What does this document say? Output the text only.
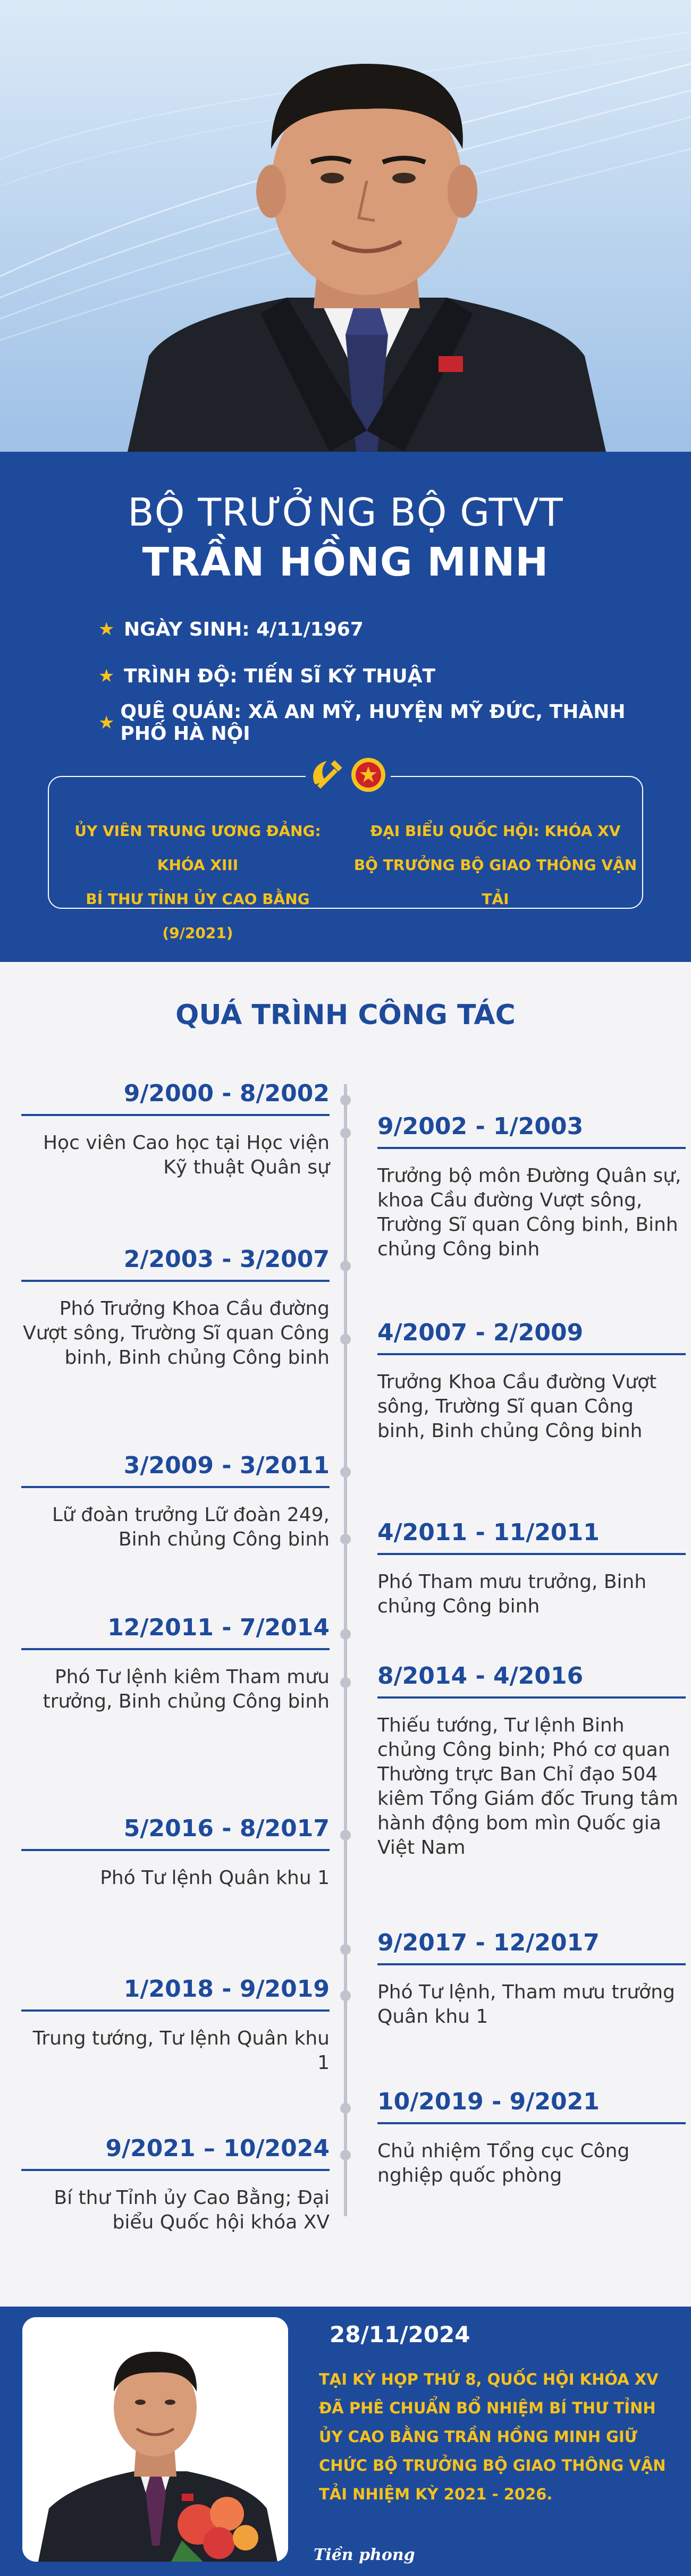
BỘ TRƯỞNG BỘ GTVT
TRẦN HỒNG MINH
★ NGÀY SINH: 4/11/1967
★ TRÌNH ĐỘ: TIẾN SĨ KỸ THUẬT
★ QUÊ QUÁN: XÃ AN MỸ, HUYỆN MỸ ĐỨC, THÀNH PHỐ HÀ NỘI
ỦY VIÊN TRUNG ƯƠNG ĐẢNG: KHÓA XIII
BÍ THƯ TỈNH ỦY CAO BẰNG (9/2021)
ĐẠI BIỂU QUỐC HỘI: KHÓA XV
BỘ TRƯỞNG BỘ GIAO THÔNG VẬN TẢI
QUÁ TRÌNH CÔNG TÁC
9/2000 - 8/2002
Học viên Cao học tại Học viện Kỹ thuật Quân sự
9/2002 - 1/2003
Trưởng bộ môn Đường Quân sự, khoa Cầu đường Vượt sông, Trường Sĩ quan Công binh, Binh chủng Công binh
2/2003 - 3/2007
Phó Trưởng Khoa Cầu đường Vượt sông, Trường Sĩ quan Công binh, Binh chủng Công binh
4/2007 - 2/2009
Trưởng Khoa Cầu đường Vượt sông, Trường Sĩ quan Công binh, Binh chủng Công binh
3/2009 - 3/2011
Lữ đoàn trưởng Lữ đoàn 249, Binh chủng Công binh 4/2011 - 11/2011
Phó Tham mưu trưởng, Binh chủng Công binh
12/2011 - 7/2014
Phó Tư lệnh kiêm Tham mưu trưởng, Binh chủng Công binh
8/2014 - 4/2016
Thiếu tướng, Tư lệnh Binh chủng Công binh; Phó cơ quan Thường trực Ban Chỉ đạo 504 kiêm Tổng Giám đốc Trung tâm hành động bom mìn Quốc gia Việt Nam
5/2016 - 8/2017
Phó Tư lệnh Quân khu 1
9/2017 - 12/2017
Phó Tư lệnh, Tham mưu trưởng Quân khu 1
1/2018 - 9/2019
Trung tướng, Tư lệnh Quân khu 1
10/2019 - 9/2021
Chủ nhiệm Tổng cục Công nghiệp quốc phòng
9/2021 – 10/2024
Bí thư Tỉnh ủy Cao Bằng; Đại biểu Quốc hội khóa XV
28/11/2024
TẠI KỲ HỌP THỨ 8, QUỐC HỘI KHÓA XV ĐÃ PHÊ CHUẨN BỔ NHIỆM BÍ THƯ TỈNH ỦY CAO BẰNG TRẦN HỒNG MINH GIỮ CHỨC BỘ TRƯỞNG BỘ GIAO THÔNG VẬN TẢI NHIỆM KỲ 2021 - 2026.
Tiền phong
